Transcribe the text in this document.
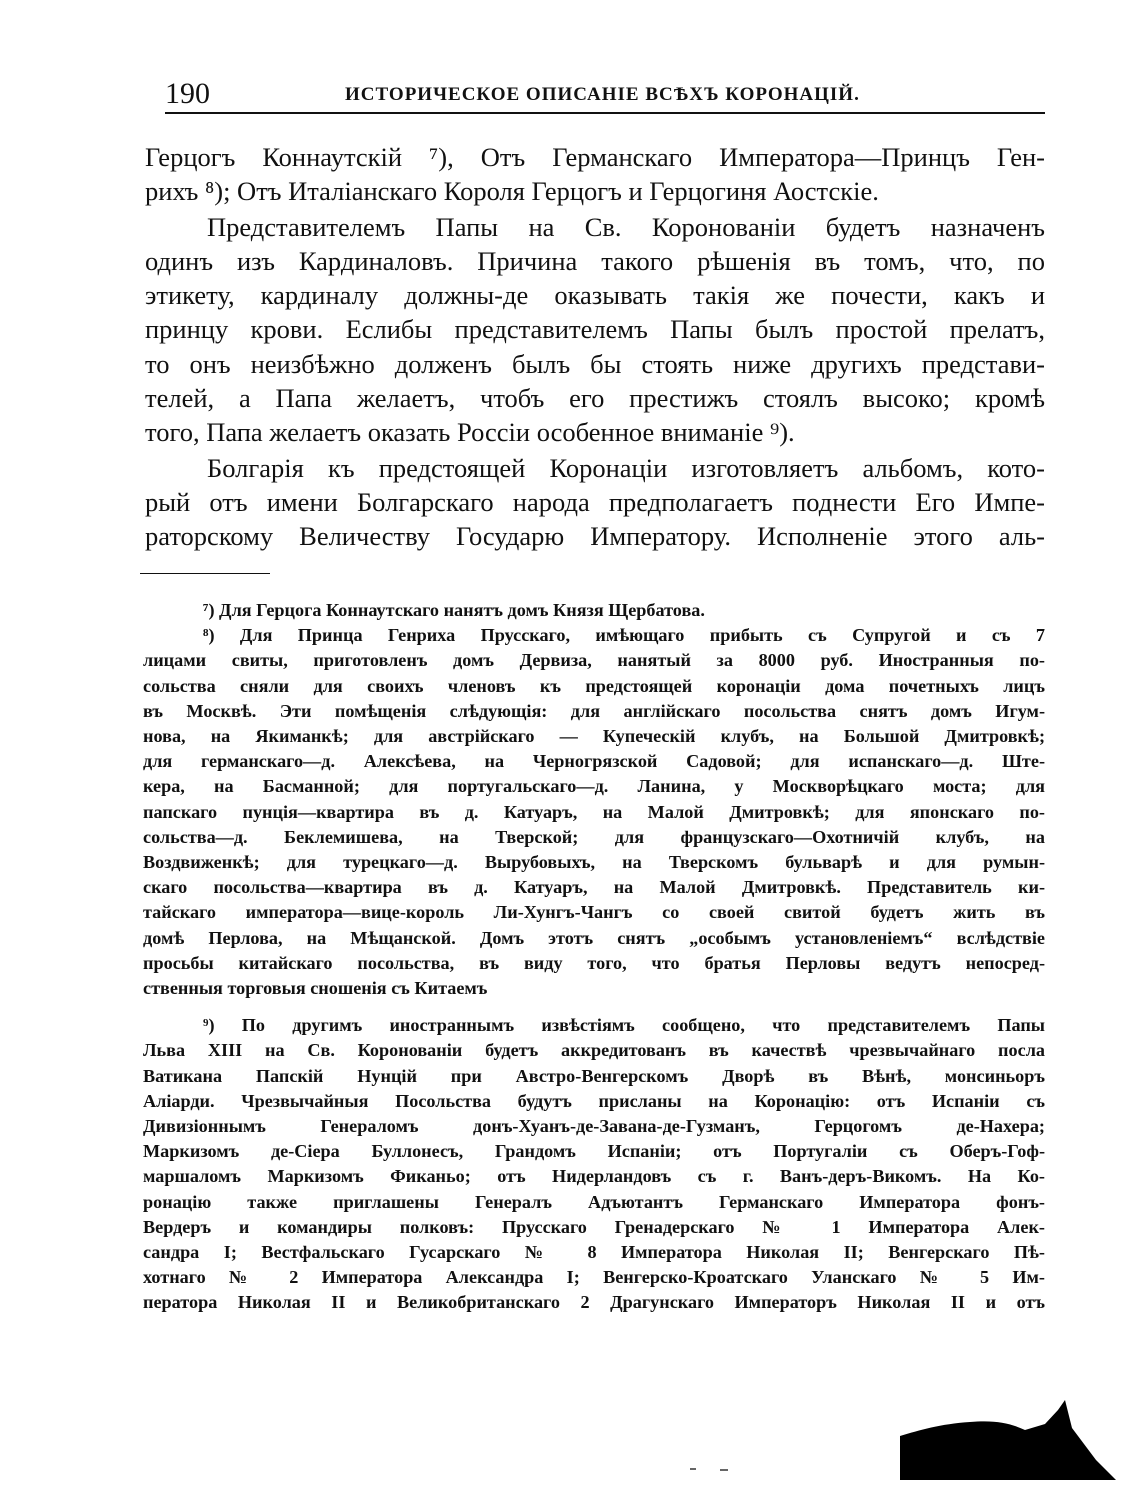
190	ИСТОРИЧЕСКОЕ ОПИСАНІЕ ВСѢХЪ КОРОНАЦІЙ.
Герцогъ Коннаутскій ⁷), Отъ Германскаго Императора—Принцъ Ген-
рихъ ⁸); Отъ Италіанскаго Короля Герцогъ и Герцогиня Аостскіе.
Представителемъ Папы на Св. Короновaніи будетъ назначенъ
одинъ изъ Кардиналовъ. Причина такого рѣшенія въ томъ, что, по
этикету, кардиналу должны-де оказывать такія же почести, какъ и
принцу крови. Еслибы представителемъ Папы былъ простой прелатъ,
то онъ неизбѣжно долженъ былъ бы стоять ниже другихъ представи-
телей, а Папа желаетъ, чтобъ его престижъ стоялъ высоко; кромѣ
того, Папа желаетъ оказать Россіи особенное вниманіе ⁹).
Болгарія къ предстоящей Коронаціи изготовляетъ альбомъ, кото-
рый отъ имени Болгарскаго народа предполагаетъ поднести Его Импе-
раторскому Величеству Государю Императору. Исполненіе этого аль-
⁷) Для Герцога Коннаутскаго нанятъ домъ Князя Щербатова.
⁸) Для Принца Генриха Прусскаго, имѣющаго прибыть съ Супругой и съ 7
лицами свиты, приготовленъ домъ Дервиза, нанятый за 8000 руб. Иностранныя по-
сольства сняли для своихъ членовъ къ предстоящей коронаціи дома почетныхъ лицъ
въ Москвѣ. Эти помѣщенія слѣдующія: для англійскаго посольства снятъ домъ Игум-
нова, на Якиманкѣ; для австрійскаго — Купеческій клубъ, на Большой Дмитровкѣ;
для германскаго—д. Алексѣева, на Черногрязской Садовой; для испанскаго—д. Ште-
кера, на Басманной; для португальскаго—д. Ланина, у Москворѣцкаго моста; для
папскаго пунція—квартира въ д. Катуаръ, на Малой Дмитровкѣ; для японскаго по-
сольства—д. Беклемишева, на Тверской; для французскаго—Охотничій клубъ, на
Воздвиженкѣ; для турецкаго—д. Вырубовыхъ, на Тверскомъ бульварѣ и для румын-
скаго посольства—квартира въ д. Катуаръ, на Малой Дмитровкѣ. Представитель ки-
тайскаго императора—вице-король Ли-Хунгъ-Чангъ со своей свитой будетъ жить въ
домѣ Перлова, на Мѣщанской. Домъ этотъ снятъ „особымъ установленіемъ“ вслѣдствіе
просьбы китайскаго посольства, въ виду того, что братья Перловы ведутъ непосред-
ственныя торговыя сношенія съ Китаемъ
⁹) По другимъ иностраннымъ извѣстіямъ сообщено, что представителемъ Папы
Льва XIII на Св. Короновaніи будетъ аккредитованъ въ качествѣ чрезвычайнаго посла
Ватикана Папскій Нунцій при Австро-Венгерскомъ Дворѣ въ Вѣнѣ, монсиньоръ
Аліарди. Чрезвычайныя Посольства будутъ присланы на Коронацію: отъ Испаніи съ
Дивизіоннымъ Генераломъ донъ-Хуанъ-де-Завана-де-Гузманъ, Герцогомъ де-Нахера;
Маркизомъ де-Сіера Буллонесъ, Грандомъ Испаніи; отъ Португаліи съ Оберъ-Гоф-
маршаломъ Маркизомъ Фиканьо; отъ Нидерландовъ съ г. Ванъ-деръ-Викомъ. На Ко-
ронацію также приглашены Генералъ Адъютантъ Германскаго Императора фонъ-
Вердеръ и командиры полковъ: Прусскаго Гренадерскаго № 1 Императора Алек-
сандра I; Вестфальскаго Гусарскаго № 8 Императора Николая II; Венгерскаго Пѣ-
хотнаго № 2 Императора Александра I; Венгерско-Кроатскаго Уланскаго № 5 Им-
ператора Николая II и Великобританскаго 2 Драгунскаго Императоръ Николая II и отъ
